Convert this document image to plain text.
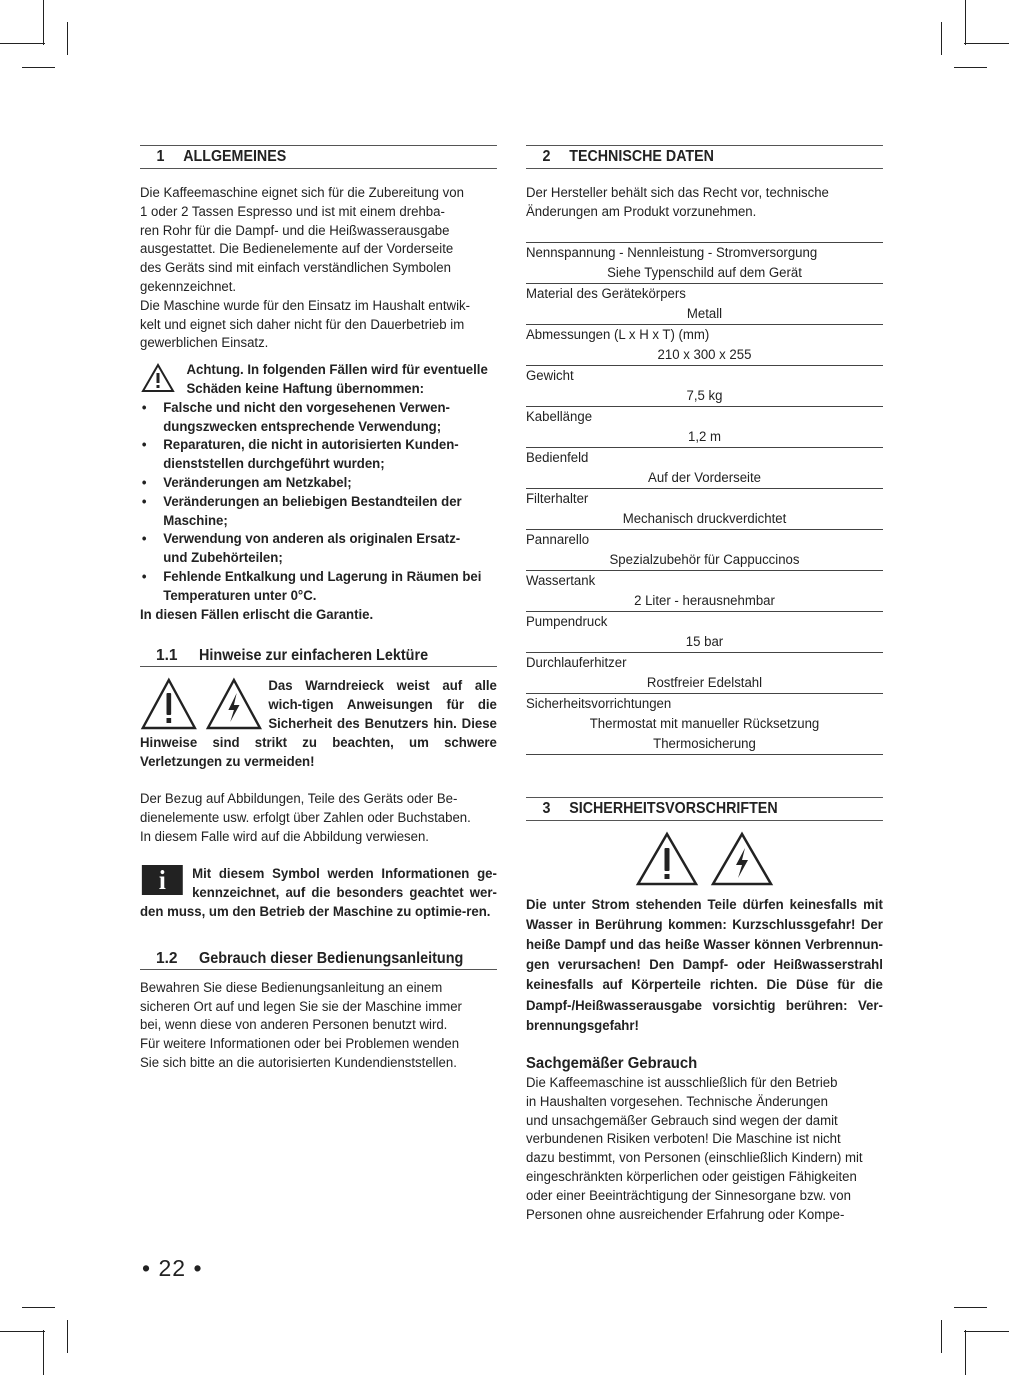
1 ALLGEMEINES
Die Kaffeemaschine eignet sich für die Zubereitung von
1 oder 2 Tassen Espresso und ist mit einem drehba-
ren Rohr für die Dampf- und die Heißwasserausgabe
ausgestattet. Die Bedienelemente auf der Vorderseite
des Geräts sind mit einfach verständlichen Symbolen
gekennzeichnet.
Die Maschine wurde für den Einsatz im Haushalt entwik-
kelt und eignet sich daher nicht für den Dauerbetrieb im
gewerblichen Einsatz.
Achtung. In folgenden Fällen wird für eventuelle
Schäden keine Haftung übernommen:
• Falsche und nicht den vorgesehenen Verwen-
dungszwecken entsprechende Verwendung;
• Reparaturen, die nicht in autorisierten Kunden-
dienststellen durchgeführt wurden;
• Veränderungen am Netzkabel;
• Veränderungen an beliebigen Bestandteilen der
Maschine;
• Verwendung von anderen als originalen Ersatz-
und Zubehörteilen;
• Fehlende Entkalkung und Lagerung in Räumen bei
Temperaturen unter 0°C.
In diesen Fällen erlischt die Garantie.
1.1 Hinweise zur einfacheren Lektüre
Das Warndreieck weist auf alle wich-tigen Anweisungen für die Sicherheit des Benutzers hin. Diese Hinweise sind strikt zu beachten, um schwere Verletzungen zu vermeiden!
Der Bezug auf Abbildungen, Teile des Geräts oder Be-
dienelemente usw. erfolgt über Zahlen oder Buchstaben.
In diesem Falle wird auf die Abbildung verwiesen.
i	Mit diesem Symbol werden Informationen ge-kennzeichnet, auf die besonders geachtet wer-den muss, um den Betrieb der Maschine zu optimie-ren.
1.2 Gebrauch dieser Bedienungsanleitung
Bewahren Sie diese Bedienungsanleitung an einem
sicheren Ort auf und legen Sie sie der Maschine immer
bei, wenn diese von anderen Personen benutzt wird.
Für weitere Informationen oder bei Problemen wenden
Sie sich bitte an die autorisierten Kundendienststellen.
2 TECHNISCHE DATEN
Der Hersteller behält sich das Recht vor, technische
Änderungen am Produkt vorzunehmen.
Nennspannung - Nennleistung - Stromversorgung
Siehe Typenschild auf dem Gerät
Material des Gerätekörpers
Metall
Abmessungen (L x H x T) (mm)
210 x 300 x 255
Gewicht
7,5 kg
Kabellänge
1,2 m
Bedienfeld
Auf der Vorderseite
Filterhalter
Mechanisch druckverdichtet
Pannarello
Spezialzubehör für Cappuccinos
Wassertank
2 Liter - herausnehmbar
Pumpendruck
15 bar
Durchlauferhitzer
Rostfreier Edelstahl
Sicherheitsvorrichtungen
Thermostat mit manueller Rücksetzung
Thermosicherung
3 SICHERHEITSVORSCHRIFTEN

Die unter Strom stehenden Teile dürfen keinesfalls mit Wasser in Berührung kommen: Kurzschlussgefahr! Der heiße Dampf und das heiße Wasser können Verbrennun-gen verursachen! Den Dampf- oder Heißwasserstrahl keinesfalls auf Körperteile richten. Die Düse für die Dampf-/Heißwasserausgabe vorsichtig berühren: Ver-brennungsgefahr!
Sachgemäßer Gebrauch
Die Kaffeemaschine ist ausschließlich für den Betrieb
in Haushalten vorgesehen. Technische Änderungen
und unsachgemäßer Gebrauch sind wegen der damit
verbundenen Risiken verboten! Die Maschine ist nicht
dazu bestimmt, von Personen (einschließlich Kindern) mit
eingeschränkten körperlichen oder geistigen Fähigkeiten
oder einer Beeinträchtigung der Sinnesorgane bzw. von
Personen ohne ausreichender Erfahrung oder Kompe-
• 22 •
